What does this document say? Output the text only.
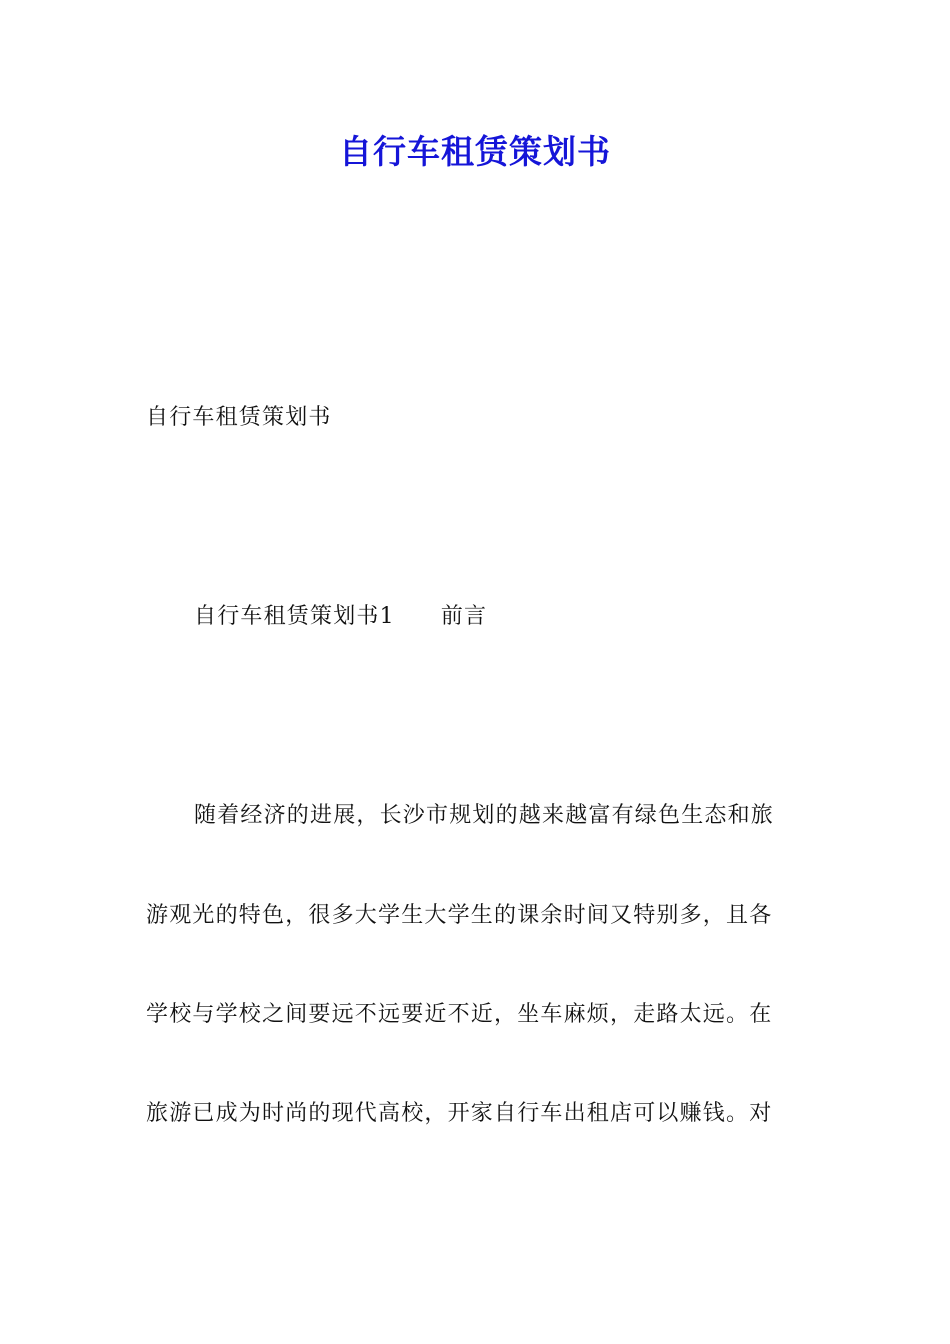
自行车租赁策划书
自行车租赁策划书
自行车租赁策划书1 前言
随着经济的进展，长沙市规划的越来越富有绿色生态和旅
游观光的特色，很多大学生大学生的课余时间又特别多，且各
学校与学校之间要远不远要近不近，坐车麻烦，走路太远。在
旅游已成为时尚的现代高校，开家自行车出租店可以赚钱。对
